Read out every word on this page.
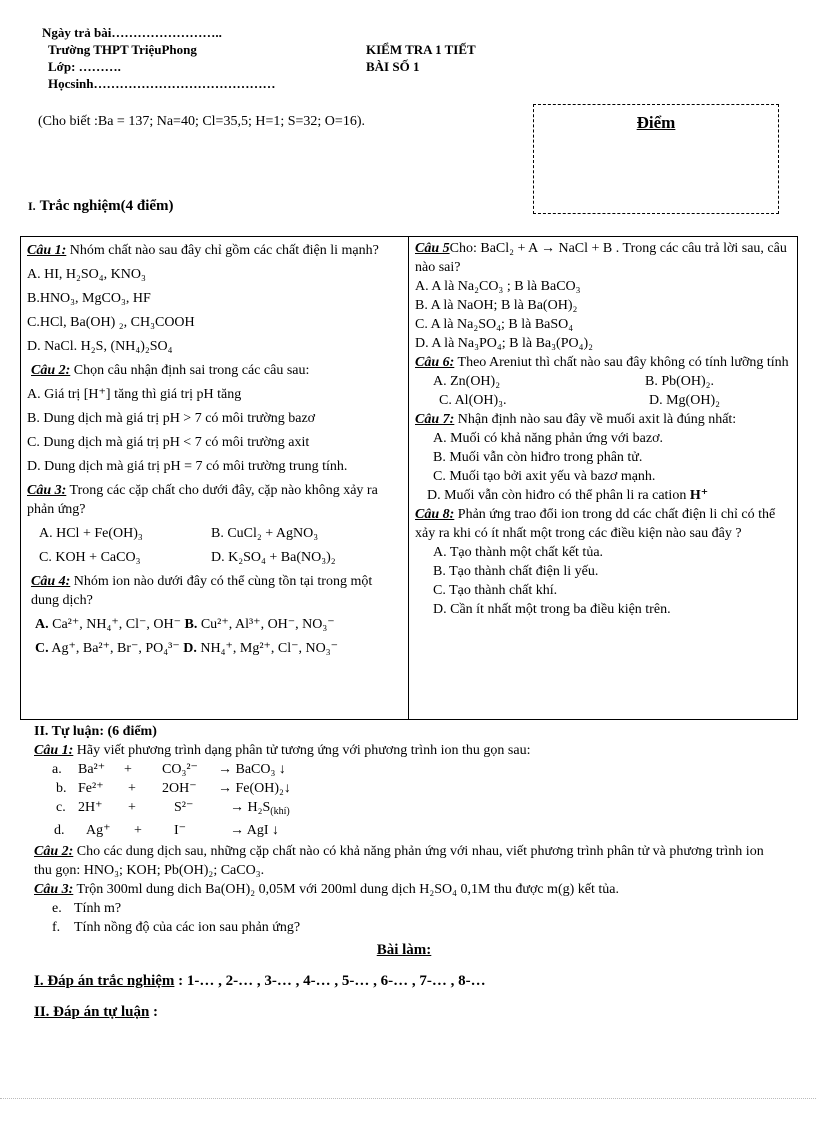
Ngày trả bài……………………..
Trường THPT TriệuPhong
Lớp: ……….
Họcsinh……………………………………
KIỂM TRA 1 TIẾT
BÀI SỐ 1
(Cho biết :Ba = 137; Na=40; Cl=35,5; H=1; S=32; O=16).	Điểm
I. Trắc nghiệm(4 điểm)

Câu 1: Nhóm chất nào sau đây chỉ gồm các chất điện li mạnh?

A. HI, H₂SO₄, KNO₃

B.HNO₃, MgCO₃, HF

C.HCl, Ba(OH) ₂, CH₃COOH

D. NaCl. H₂S, (NH₄)₂SO₄

Câu 2: Chọn câu nhận định sai trong các câu sau:

A. Giá trị [H⁺] tăng thì giá trị pH tăng

B. Dung dịch mà giá trị pH > 7 có môi trường bazơ

C. Dung dịch mà giá trị pH < 7 có môi trường axit

D. Dung dịch mà giá trị pH = 7 có môi trường trung tính.

Câu 3: Trong các cặp chất cho dưới đây, cặp nào không xảy ra phản ứng?

A. HCl + Fe(OH)₃	B. CuCl₂ + AgNO₃

C. KOH + CaCO₃	D. K₂SO₄ + Ba(NO₃)₂

Câu 4: Nhóm ion nào dưới đây có thể cùng tồn tại trong một dung dịch?

A. Ca²⁺, NH₄⁺, Cl⁻, OH⁻ B. Cu²⁺, Al³⁺, OH⁻, NO₃⁻

C. Ag⁺, Ba²⁺, Br⁻, PO₄³⁻ D. NH₄⁺, Mg²⁺, Cl⁻, NO₃⁻

Câu 5Cho: BaCl₂ + A → NaCl + B . Trong các câu trả lời sau, câu nào sai?

A. A là Na₂CO₃ ; B là BaCO₃

B. A là NaOH; B là Ba(OH)₂

C. A là Na₂SO₄; B là BaSO₄

D. A là Na₃PO₄; B là Ba₃(PO₄)₂

Câu 6: Theo Areniut thì chất nào sau đây không có tính lưỡng tính

A. Zn(OH)₂	B. Pb(OH)₂.

C. Al(OH)₃.	D. Mg(OH)₂

Câu 7: Nhận định nào sau đây về muối axit là đúng nhất:

A. Muối có khả năng phản ứng với bazơ.

B. Muối vẫn còn hiđro trong phân tử.

C. Muối tạo bởi axit yếu và bazơ mạnh.

D. Muối vẫn còn hiđro có thể phân li ra cation H⁺

Câu 8: Phản ứng trao đổi ion trong dd các chất điện li chỉ có thể xảy ra khi có ít nhất một trong các điều kiện nào sau đây ?

A. Tạo thành một chất kết tủa.

B. Tạo thành chất điện li yếu.

C. Tạo thành chất khí.

D. Cần ít nhất một trong ba điều kiện trên.

II. Tự luận: (6 điểm)

Câu 1: Hãy viết phương trình dạng phân tử tương ứng với phương trình ion thu gọn sau:

a.	Ba²⁺	+	CO₃²⁻	→ BaCO₃ ↓

b. Fe²⁺	+	2OH⁻	→ Fe(OH)₂↓

c. 2H⁺	+	S²⁻	→ $H_2S_{(khí)}$

d.	Ag⁺	+	I⁻	→ AgI ↓

Câu 2: Cho các dung dịch sau, những cặp chất nào có khả năng phản ứng với nhau, viết phương trình phân tử và phương trình ion thu gọn: HNO₃; KOH; Pb(OH)₂; CaCO₃.

Câu 3: Trộn 300ml dung dich Ba(OH)₂ 0,05M với 200ml dung dịch H₂SO₄ 0,1M thu được m(g) kết tủa.

e. Tính m?

f. Tính nồng độ của các ion sau phản ứng?

Bài làm:

I. Đáp án trắc nghiệm : 1-… , 2-… , 3-… , 4-… , 5-… , 6-… , 7-… , 8-…

II. Đáp án tự luận :
